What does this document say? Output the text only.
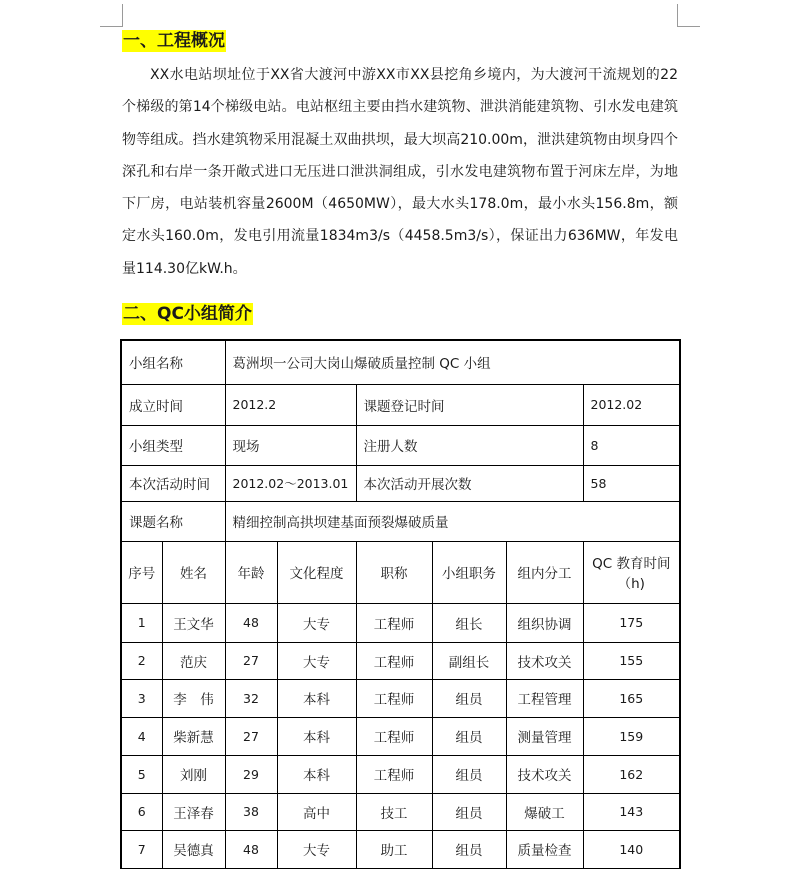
一、工程概况
XX水电站坝址位于XX省大渡河中游XX市XX县挖角乡境内，为大渡河干流规划的22个梯级的第14个梯级电站。电站枢纽主要由挡水建筑物、泄洪消能建筑物、引水发电建筑物等组成。挡水建筑物采用混凝土双曲拱坝，最大坝高210.00m，泄洪建筑物由坝身四个深孔和右岸一条开敞式进口无压进口泄洪洞组成，引水发电建筑物布置于河床左岸，为地下厂房，电站装机容量2600M（4650MW），最大水头178.0m，最小水头156.8m，额定水头160.0m，发电引用流量1834m3/s（4458.5m3/s），保证出力636MW，年发电量114.30亿kW.h。
二、QC小组简介
小组名称		葛洲坝一公司大岗山爆破质量控制 QC 小组					
成立时间		2012.2		课题登记时间			2012.02
小组类型		现场		注册人数			8
本次活动时间		2012.02～2013.01		本次活动开展次数			58
课题名称		精细控制高拱坝建基面预裂爆破质量					
序号	姓名	年龄	文化程度	职称	小组职务	组内分工	QC 教育时间（h)
1	王文华	48	大专	工程师	组长	组织协调	175
2	范庆	27	大专	工程师	副组长	技术攻关	155
3	李　伟	32	本科	工程师	组员	工程管理	165
4	柴新慧	27	本科	工程师	组员	测量管理	159
5	刘刚	29	本科	工程师	组员	技术攻关	162
6	王泽春	38	高中	技工	组员	爆破工	143
7	吴德真	48	大专	助工	组员	质量检查	140
